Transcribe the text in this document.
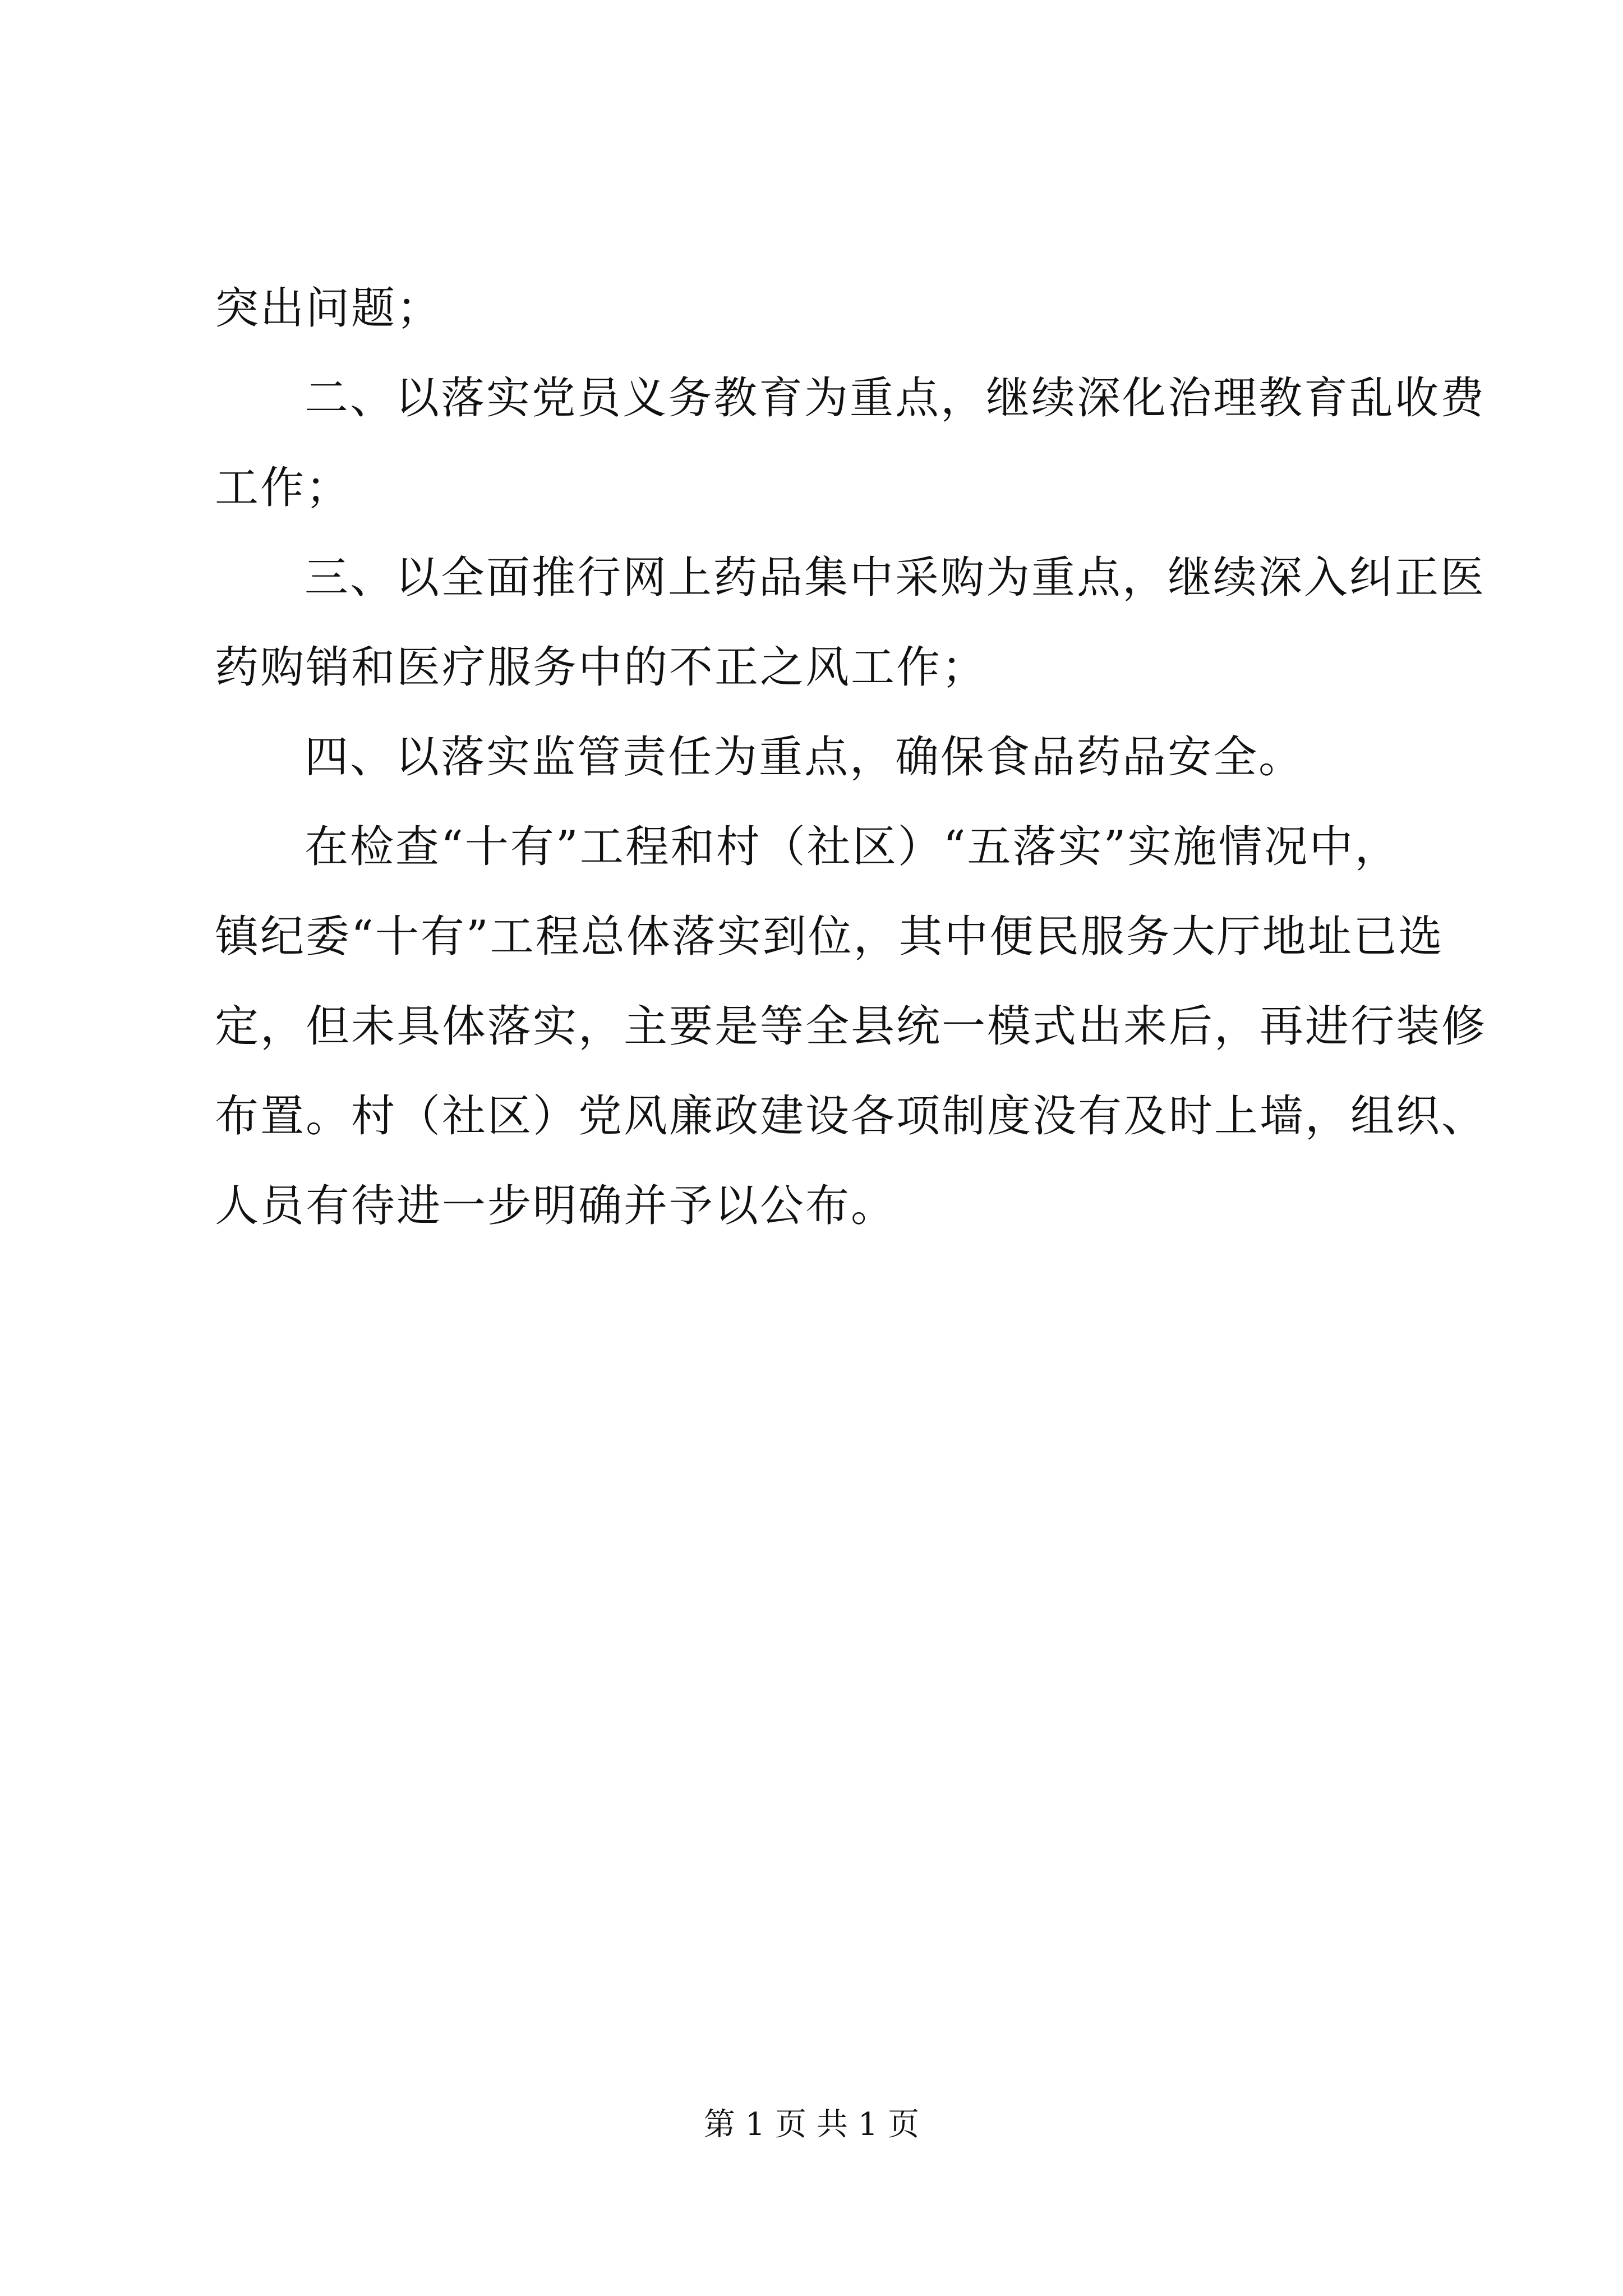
突出问题；
二、以落实党员义务教育为重点，继续深化治理教育乱收费
工作；
三、以全面推行网上药品集中采购为重点，继续深入纠正医
药购销和医疗服务中的不正之风工作；
四、以落实监管责任为重点，确保食品药品安全。
在检查“十有”工程和村（社区）“五落实”实施情况中，
镇纪委“十有”工程总体落实到位，其中便民服务大厅地址已选
定，但未具体落实，主要是等全县统一模式出来后，再进行装修
布置。村（社区）党风廉政建设各项制度没有及时上墙，组织、
人员有待进一步明确并予以公布。
第 1 页 共 1 页
